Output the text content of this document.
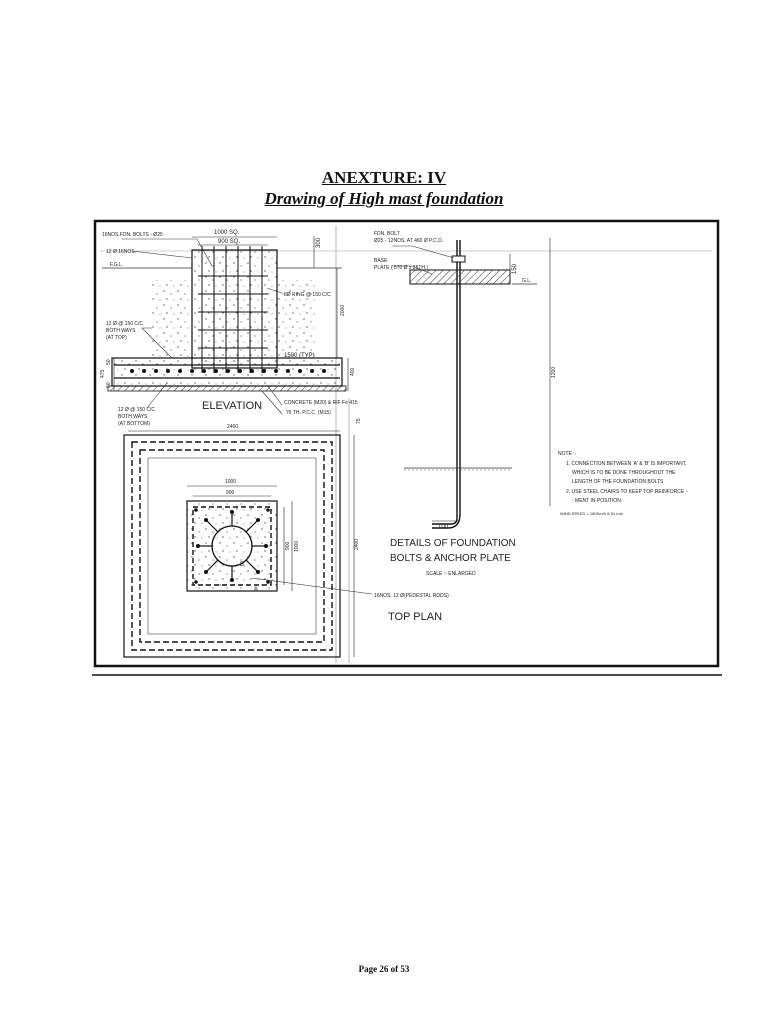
ANEXTURE: IV
Drawing of High mast foundation
16NOS.FDN. BOLTS - Ø25
12 Ø 16NOS.
F.G.L.
1000 SQ.
900 SQ.	300
8Ø RING @ 150 C/C
12 Ø @ 150 C/C
BOTH WAYS
(AT TOP)
2000
1500 (TYP)
475
50
50
400
12 Ø @ 150 C/C
BOTH WAYS
(AT BOTTOM)
ELEVATION	CONCRETE (M20) & RIF Fe 415
75 TH. P.C.C. (M15)
75
2400
1000
900
900 1000	2400
B
A
16NOS. 12 Ø(PEDESTAL RODS)
TOP PLAN
FDN. BOLT
Ø25 - 12NOS. AT 460 Ø P.C.D.
BASE
PLATE ( 570 Ø x 25TH.)	150
G.L.
1200
100
DETAILS OF FOUNDATION
BOLTS & ANCHOR PLATE
SCALE :- ENLARGED
NOTE :-
1. CONNECTION BETWEEN 'A' & 'B' IS IMPORTANT,
WHICH IS TO BE DONE THROUGHOUT THE
LENGTH OF THE FOUNDATION BOLTS
2. USE STEEL CHAIRS TO KEEP TOP REINFORCE -
- MENT IN POSITION.
WIND SPEED = 180Km/h & 51 m/s
Page 26 of 53
